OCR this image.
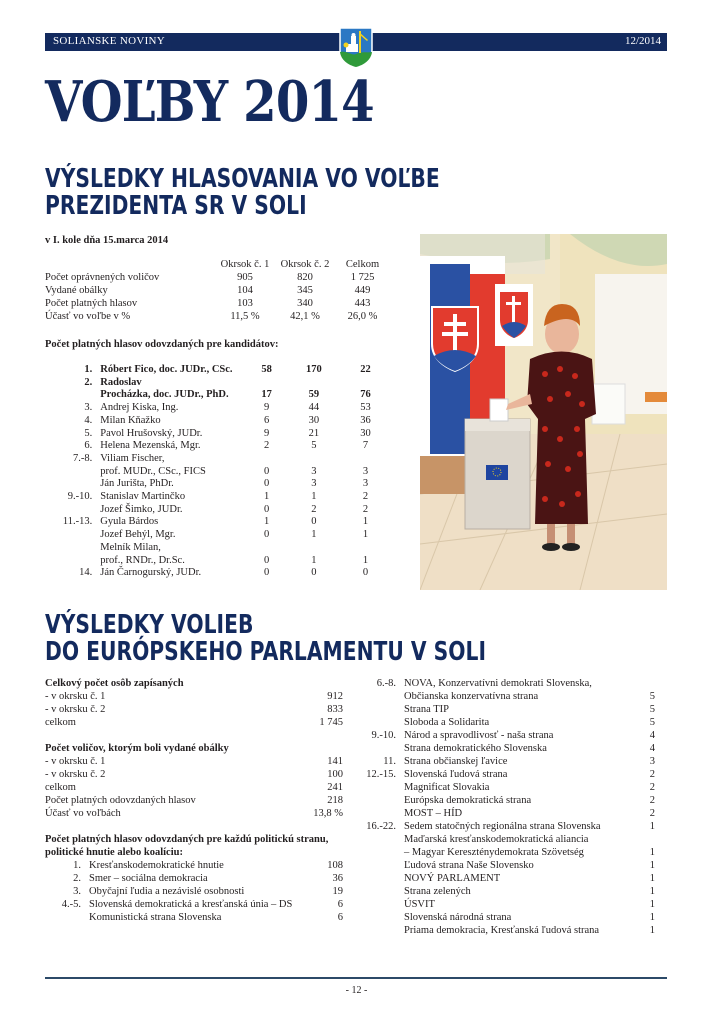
SOLIANSKE NOVINY	12/2014
VOĽBY 2014
VÝSLEDKY HLASOVANIA VO VOĽBE
PREZIDENTA SR V SOLI
v I. kole dňa 15.marca 2014
	Okrsok č. 1	Okrsok č. 2	Celkom
Počet oprávnených voličov	905	820	1 725
Vydané obálky	104	345	449
Počet platných hlasov	103	340	443
Účasť vo voľbe v %	11,5 %	42,1 %	26,0 %
Počet platných hlasov odovzdaných pre kandidátov:
1.	Róbert Fico, doc. JUDr., CSc.	58	170	22
2.	Radoslav			
	Procházka, doc. JUDr., PhD.	17	59	76
3.	Andrej Kiska, Ing.	9	44	53
4.	Milan Kňažko	6	30	36
5.	Pavol Hrušovský, JUDr.	9	21	30
6.	Helena Mezenská, Mgr.	2	5	7
7.-8.	Viliam Fischer,			
	prof. MUDr., CSc., FICS	0	3	3
	Ján Jurišta, PhDr.	0	3	3
9.-10.	Stanislav Martinčko	1	1	2
	Jozef Šimko, JUDr.	0	2	2
11.-13.	Gyula Bárdos	1	0	1
	Jozef Behýl, Mgr.	0	1	1
	Melník Milan,			
	prof., RNDr., Dr.Sc.	0	1	1
14.	Ján Čarnogurský, JUDr.	0	0	0
VÝSLEDKY VOLIEB
DO EURÓPSKEHO PARLAMENTU V SOLI
Celkový počet osôb zapísaných
- v okrsku č. 1	912
- v okrsku č. 2	833
celkom	1 745
Počet voličov, ktorým boli vydané obálky
- v okrsku č. 1	141
- v okrsku č. 2	100
celkom	241
Počet platných odovzdaných hlasov	218
Účasť vo voľbách	13,8 %
Počet platných hlasov odovzdaných pre každú politickú stranu, politické hnutie alebo koalíciu:
1. Kresťanskodemokratické hnutie	108
2. Smer – sociálna demokracia	36
3. Obyčajní ľudia a nezávislé osobnosti	19
4.-5. Slovenská demokratická a kresťanská únia – DS	6
Komunistická strana Slovenska	6
6.-8. NOVA, Konzervatívni demokrati Slovenska,
Občianska konzervatívna strana	5
Strana TIP	5
Sloboda a Solidarita	5
9.-10. Národ a spravodlivosť - naša strana	4
Strana demokratického Slovenska	4
11. Strana občianskej ľavice	3
12.-15. Slovenská ľudová strana	2
Magnificat Slovakia	2
Európska demokratická strana	2
MOST – HÍD	2
16.-22. Sedem statočných regionálna strana Slovenska	1
Maďarská kresťanskodemokratická aliancia
– Magyar Kereszténydemokrata Szövetség	1
Ľudová strana Naše Slovensko	1
NOVÝ PARLAMENT	1
Strana zelených	1
ÚSVIT	1
Slovenská národná strana	1
Priama demokracia, Kresťanská ľudová strana	1
- 12 -
